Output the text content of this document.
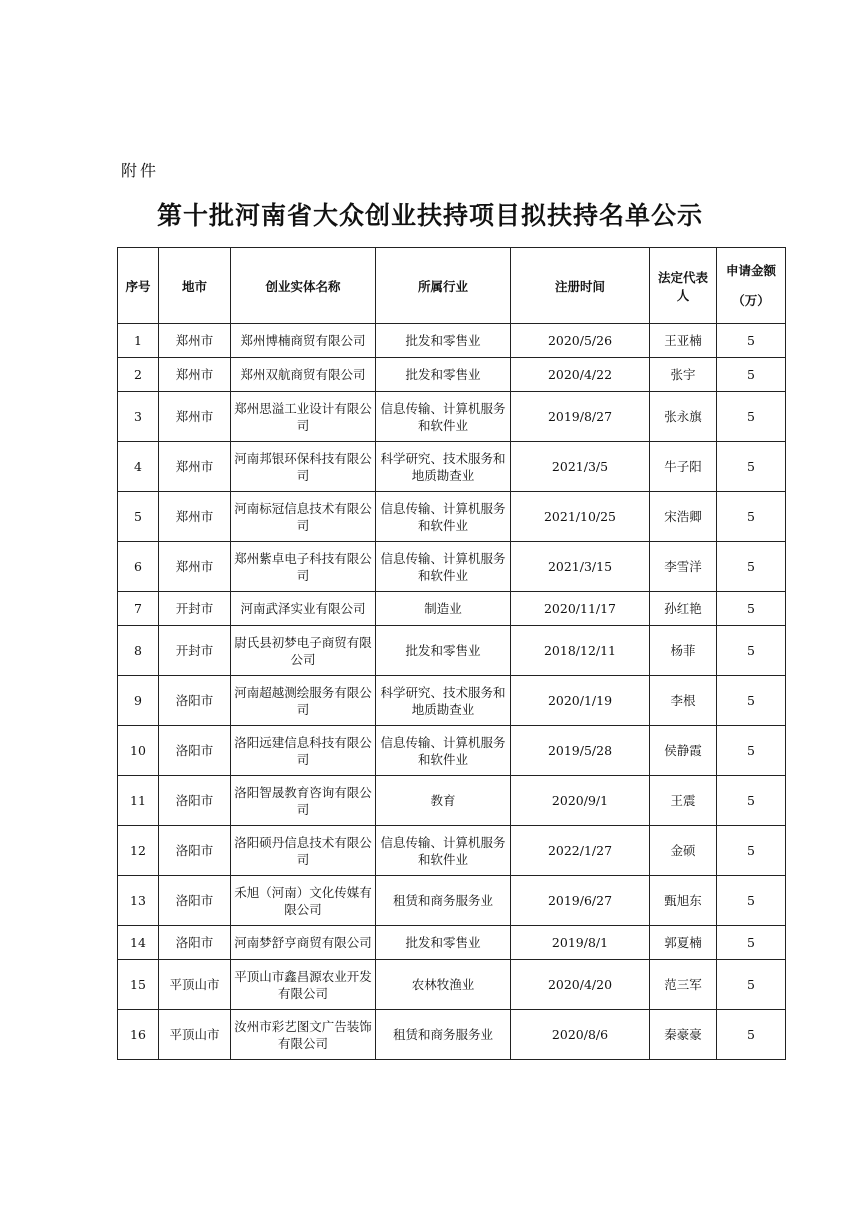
附件
第十批河南省大众创业扶持项目拟扶持名单公示
序号	地市	创业实体名称	所属行业	注册时间	法定代表人	申请金额
（万）

1	郑州市	郑州博楠商贸有限公司	批发和零售业	2020/5/26	王亚楠	5
2	郑州市	郑州双航商贸有限公司	批发和零售业	2020/4/22	张宇	5
3	郑州市	郑州思溢工业设计有限公司	信息传输、计算机服务和软件业	2019/8/27	张永旗	5
4	郑州市	河南邦银环保科技有限公司	科学研究、技术服务和地质勘查业	2021/3/5	牛子阳	5
5	郑州市	河南标冠信息技术有限公司	信息传输、计算机服务和软件业	2021/10/25	宋浩卿	5
6	郑州市	郑州紫卓电子科技有限公司	信息传输、计算机服务和软件业	2021/3/15	李雪洋	5
7	开封市	河南武泽实业有限公司	制造业	2020/11/17	孙红艳	5
8	开封市	尉氏县初梦电子商贸有限公司	批发和零售业	2018/12/11	杨菲	5
9	洛阳市	河南超越测绘服务有限公司	科学研究、技术服务和地质勘查业	2020/1/19	李根	5
10	洛阳市	洛阳远建信息科技有限公司	信息传输、计算机服务和软件业	2019/5/28	侯静霞	5
11	洛阳市	洛阳智晟教育咨询有限公司	教育	2020/9/1	王震	5
12	洛阳市	洛阳硕丹信息技术有限公司	信息传输、计算机服务和软件业	2022/1/27	金硕	5
13	洛阳市	禾旭（河南）文化传媒有限公司	租赁和商务服务业	2019/6/27	甄旭东	5
14	洛阳市	河南梦舒亨商贸有限公司	批发和零售业	2019/8/1	郭夏楠	5
15	平顶山市	平顶山市鑫昌源农业开发有限公司	农林牧渔业	2020/4/20	范三军	5
16	平顶山市	汝州市彩艺图文广告装饰有限公司	租赁和商务服务业	2020/8/6	秦豪豪	5
